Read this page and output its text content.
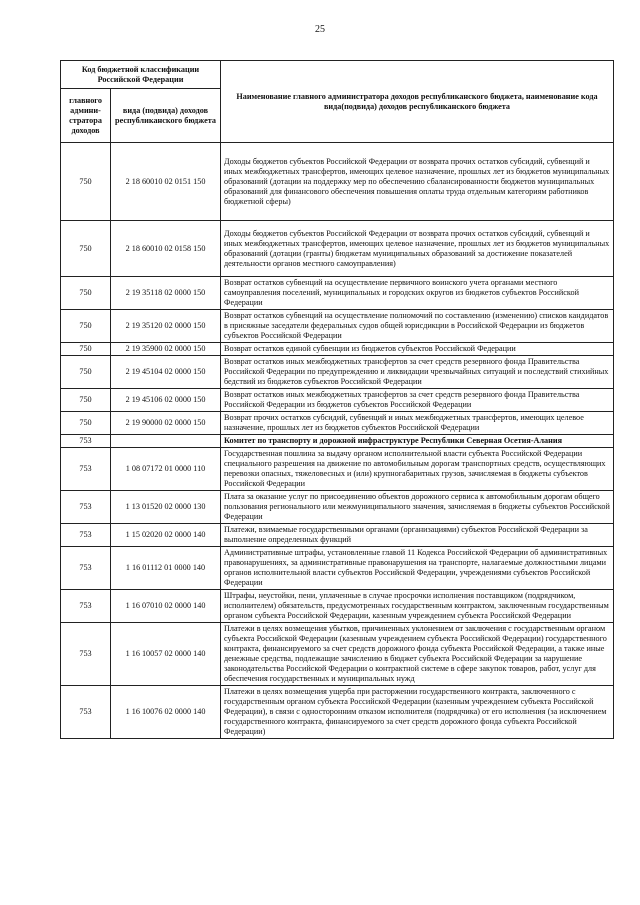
25
Код бюджетной классификации Российской Федерации		Наименование главного администратора доходов республиканского бюджета, наименование кода вида(подвида) доходов республиканского бюджета
главного админи-стратора доходов	вида (подвида) доходов республиканского бюджета	
750	2 18 60010 02 0151 150	Доходы бюджетов субъектов Российской Федерации от возврата прочих остатков субсидий, субвенций и иных межбюджетных трансфертов, имеющих целевое назначение, прошлых лет из бюджетов муниципальных образований (дотации на поддержку мер по обеспечению сбалансированности бюджетов муниципальных образований для финансового обеспечения повышения оплаты труда отдельным категориям работников бюджетной сферы)
750	2 18 60010 02 0158 150	Доходы бюджетов субъектов Российской Федерации от возврата прочих остатков субсидий, субвенций и иных межбюджетных трансфертов, имеющих целевое назначение, прошлых лет из бюджетов муниципальных образований (дотации (гранты) бюджетам муниципальных образований за достижение показателей деятельности органов местного самоуправления)
750	2 19 35118 02 0000 150	Возврат остатков субвенций на осуществление первичного воинского учета органами местного самоуправления поселений, муниципальных и городских округов из бюджетов субъектов Российской Федерации
750	2 19 35120 02 0000 150	Возврат остатков субвенций на осуществление полномочий по составлению (изменению) списков кандидатов в присяжные заседатели федеральных судов общей юрисдикции в Российской Федерации из бюджетов субъектов Российской Федерации
750	2 19 35900 02 0000 150	Возврат остатков единой субвенции из бюджетов субъектов Российской Федерации
750	2 19 45104 02 0000 150	Возврат остатков иных межбюджетных трансфертов за счет средств резервного фонда Правительства Российской Федерации по предупреждению и ликвидации чрезвычайных ситуаций и последствий стихийных бедствий из бюджетов субъектов Российской Федерации
750	2 19 45106 02 0000 150	Возврат остатков иных межбюджетных трансфертов за счет средств резервного фонда Правительства Российской Федерации из бюджетов субъектов Российской Федерации
750	2 19 90000 02 0000 150	Возврат прочих остатков субсидий, субвенций и иных межбюджетных трансфертов, имеющих целевое назначение, прошлых лет из бюджетов субъектов Российской Федерации
753		Комитет по транспорту и дорожной инфраструктуре Республики Северная Осетия-Алания
753	1 08 07172 01 0000 110	Государственная пошлина за выдачу органом исполнительной власти субъекта Российской Федерации специального разрешения на движение по автомобильным дорогам транспортных средств, осуществляющих перевозки опасных, тяжеловесных и (или) крупногабаритных грузов, зачисляемая в бюджеты субъектов Российской Федерации
753	1 13 01520 02 0000 130	Плата за оказание услуг по присоединению объектов дорожного сервиса к автомобильным дорогам общего пользования регионального или межмуниципального значения, зачисляемая в бюджеты субъектов Российской Федерации
753	1 15 02020 02 0000 140	Платежи, взимаемые государственными органами (организациями) субъектов Российской Федерации за выполнение определенных функций
753	1 16 01112 01 0000 140	Административные штрафы, установленные главой 11 Кодекса Российской Федерации об административных правонарушениях, за административные правонарушения на транспорте, налагаемые должностными лицами органов исполнительной власти субъектов Российской Федерации, учреждениями субъектов Российской Федерации
753	1 16 07010 02 0000 140	Штрафы, неустойки, пени, уплаченные в случае просрочки исполнения поставщиком (подрядчиком, исполнителем) обязательств, предусмотренных государственным контрактом, заключенным государственным органом субъекта Российской Федерации, казенным учреждением субъекта Российской Федерации
753	1 16 10057 02 0000 140	Платежи в целях возмещения убытков, причиненных уклонением от заключения с государственным органом субъекта Российской Федерации (казенным учреждением субъекта Российской Федерации) государственного контракта, финансируемого за счет средств дорожного фонда субъекта Российской Федерации, а также иные денежные средства, подлежащие зачислению в бюджет субъекта Российской Федерации за нарушение законодательства Российской Федерации о контрактной системе в сфере закупок товаров, работ, услуг для обеспечения государственных и муниципальных нужд
753	1 16 10076 02 0000 140	Платежи в целях возмещения ущерба при расторжении государственного контракта, заключенного с государственным органом субъекта Российской Федерации (казенным учреждением субъекта Российской Федерации), в связи с односторонним отказом исполнителя (подрядчика) от его исполнения (за исключением государственного контракта, финансируемого за счет средств дорожного фонда субъекта Российской Федерации)
